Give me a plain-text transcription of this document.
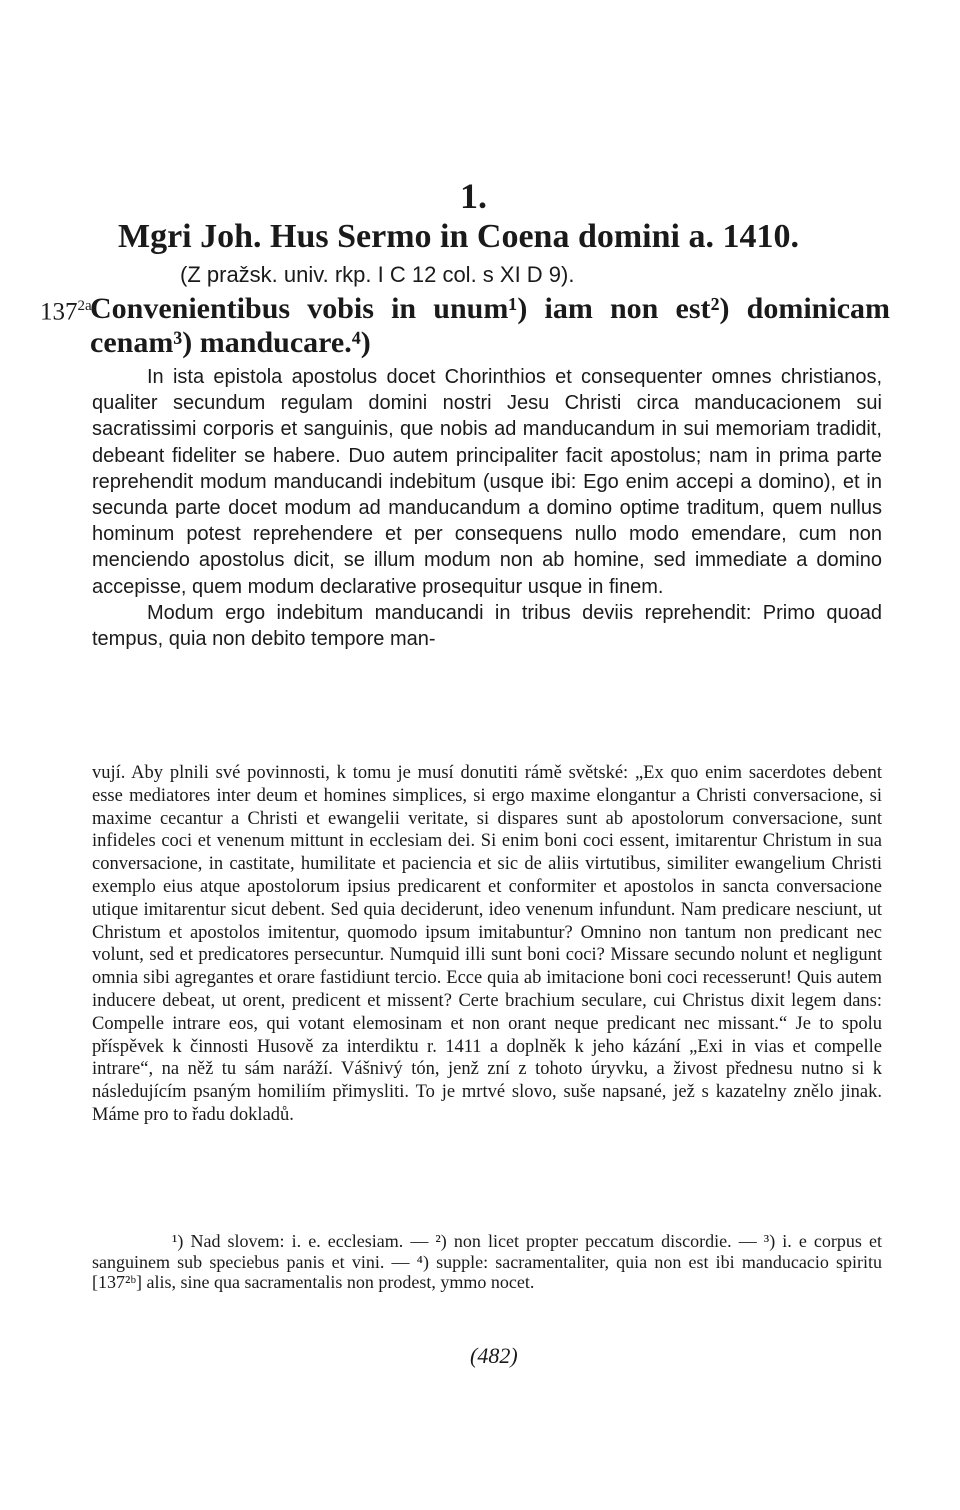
1.
Mgri Joh. Hus Sermo in Coena domini a. 1410.
(Z pražsk. univ. rkp. I C 12 col. s XI D 9).
$137^{2a}$
Convenientibus vobis in unum¹) iam non est²) dominicam cenam³) manducare.⁴)

In ista epistola apostolus docet Chorinthios et consequenter omnes christianos, qualiter secundum regulam domini nostri Jesu Christi circa manducacionem sui sacratissimi corporis et sanguinis, que nobis ad manducandum in sui memoriam tradidit, debeant fideliter se habere. Duo autem principaliter facit apostolus; nam in prima parte reprehendit modum manducandi indebitum (usque ibi: Ego enim accepi a domino), et in secunda parte docet modum ad manducandum a domino optime traditum, quem nullus hominum potest reprehendere et per consequens nullo modo emendare, cum non menciendo apostolus dicit, se illum modum non ab homine, sed immediate a domino accepisse, quem modum declarative prosequitur usque in finem.

Modum ergo indebitum manducandi in tribus deviis reprehendit: Primo quoad tempus, quia non debito tempore man-

vují. Aby plnili své povinnosti, k tomu je musí donutiti rámě světské: „Ex quo enim sacerdotes debent esse mediatores inter deum et homines simplices, si ergo maxime elongantur a Christi conversacione, si maxime cecantur a Christi et ewangelii veritate, si dispares sunt ab apostolorum conversacione, sunt infideles coci et venenum mittunt in ecclesiam dei. Si enim boni coci essent, imitarentur Christum in sua conversacione, in castitate, humilitate et paciencia et sic de aliis virtutibus, similiter ewangelium Christi exemplo eius atque apostolorum ipsius predicarent et conformiter et apostolos in sancta conversacione utique imitarentur sicut debent. Sed quia deciderunt, ideo venenum infundunt. Nam predicare nesciunt, ut Christum et apostolos imitentur, quomodo ipsum imitabuntur? Omnino non tantum non predicant nec volunt, sed et predicatores persecuntur. Numquid illi sunt boni coci? Missare secundo nolunt et negligunt omnia sibi agregantes et orare fastidiunt tercio. Ecce quia ab imitacione boni coci recesserunt! Quis autem inducere debeat, ut orent, predicent et missent? Certe brachium seculare, cui Christus dixit legem dans: Compelle intrare eos, qui votant elemosinam et non orant neque predicant nec missant.“ Je to spolu příspěvek k činnosti Husově za interdiktu r. 1411 a doplněk k jeho kázání „Exi in vias et compelle intrare“, na něž tu sám naráží. Vášnivý tón, jenž zní z tohoto úryvku, a živost přednesu nutno si k následujícím psaným homiliím přimysliti. To je mrtvé slovo, suše napsané, jež s kazatelny znělo jinak. Máme pro to řadu dokladů.

¹) Nad slovem: i. e. ecclesiam. — ²) non licet propter peccatum discordie. — ³) i. e corpus et sanguinem sub speciebus panis et vini. — ⁴) supple: sacramentaliter, quia non est ibi manducacio spiritu [137²ᵇ] alis, sine qua sacramentalis non prodest, ymmo nocet.

(482)
